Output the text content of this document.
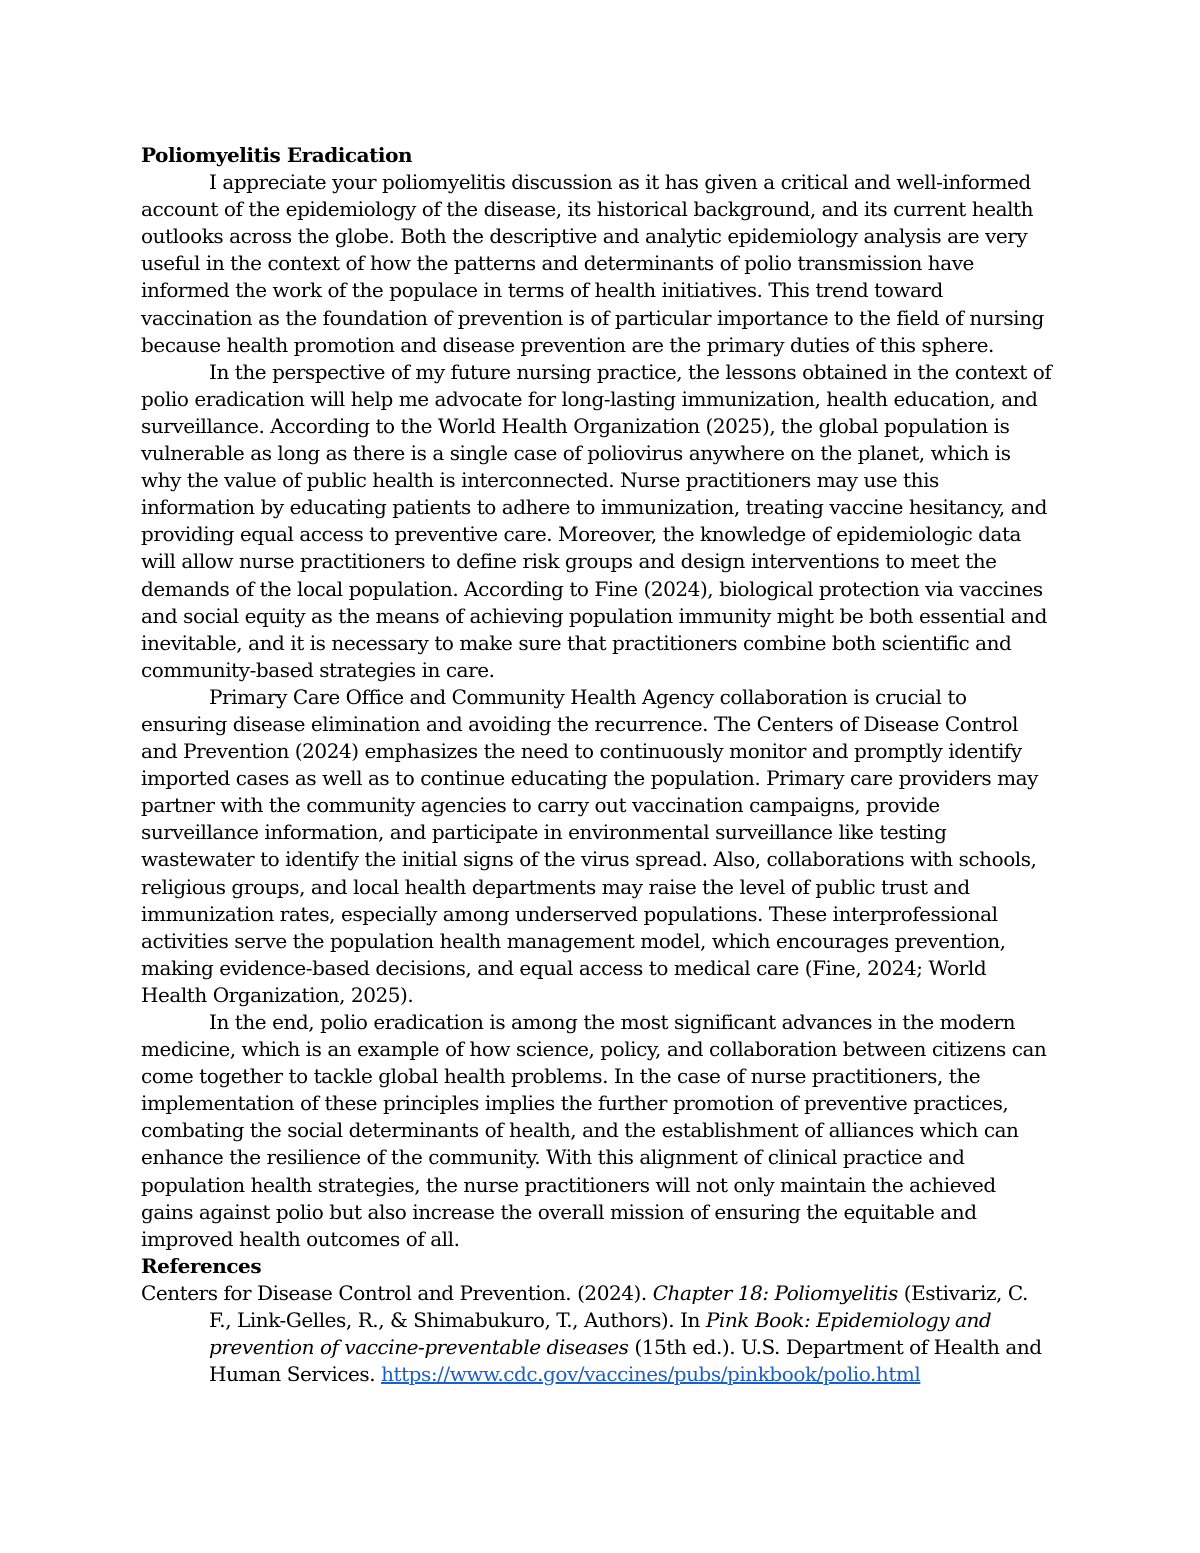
Poliomyelitis Eradication

I appreciate your poliomyelitis discussion as it has given a critical and well-informed account of the epidemiology of the disease, its historical background, and its current health outlooks across the globe. Both the descriptive and analytic epidemiology analysis are very useful in the context of how the patterns and determinants of polio transmission have informed the work of the populace in terms of health initiatives. This trend toward vaccination as the foundation of prevention is of particular importance to the field of nursing because health promotion and disease prevention are the primary duties of this sphere.

In the perspective of my future nursing practice, the lessons obtained in the context of polio eradication will help me advocate for long-lasting immunization, health education, and surveillance. According to the World Health Organization (2025), the global population is vulnerable as long as there is a single case of poliovirus anywhere on the planet, which is why the value of public health is interconnected. Nurse practitioners may use this information by educating patients to adhere to immunization, treating vaccine hesitancy, and providing equal access to preventive care. Moreover, the knowledge of epidemiologic data will allow nurse practitioners to define risk groups and design interventions to meet the demands of the local population. According to Fine (2024), biological protection via vaccines and social equity as the means of achieving population immunity might be both essential and inevitable, and it is necessary to make sure that practitioners combine both scientific and community-based strategies in care.

Primary Care Office and Community Health Agency collaboration is crucial to ensuring disease elimination and avoiding the recurrence. The Centers of Disease Control and Prevention (2024) emphasizes the need to continuously monitor and promptly identify imported cases as well as to continue educating the population. Primary care providers may partner with the community agencies to carry out vaccination campaigns, provide surveillance information, and participate in environmental surveillance like testing wastewater to identify the initial signs of the virus spread. Also, collaborations with schools, religious groups, and local health departments may raise the level of public trust and immunization rates, especially among underserved populations. These interprofessional activities serve the population health management model, which encourages prevention, making evidence-based decisions, and equal access to medical care (Fine, 2024; World Health Organization, 2025).

In the end, polio eradication is among the most significant advances in the modern medicine, which is an example of how science, policy, and collaboration between citizens can come together to tackle global health problems. In the case of nurse practitioners, the implementation of these principles implies the further promotion of preventive practices, combating the social determinants of health, and the establishment of alliances which can enhance the resilience of the community. With this alignment of clinical practice and population health strategies, the nurse practitioners will not only maintain the achieved gains against polio but also increase the overall mission of ensuring the equitable and improved health outcomes of all.

References

Centers for Disease Control and Prevention. (2024). Chapter 18: Poliomyelitis (Estivariz, C. F., Link-Gelles, R., & Shimabukuro, T., Authors). In Pink Book: Epidemiology and prevention of vaccine-preventable diseases (15th ed.). U.S. Department of Health and Human Services. https://www.cdc.gov/vaccines/pubs/pinkbook/polio.html
